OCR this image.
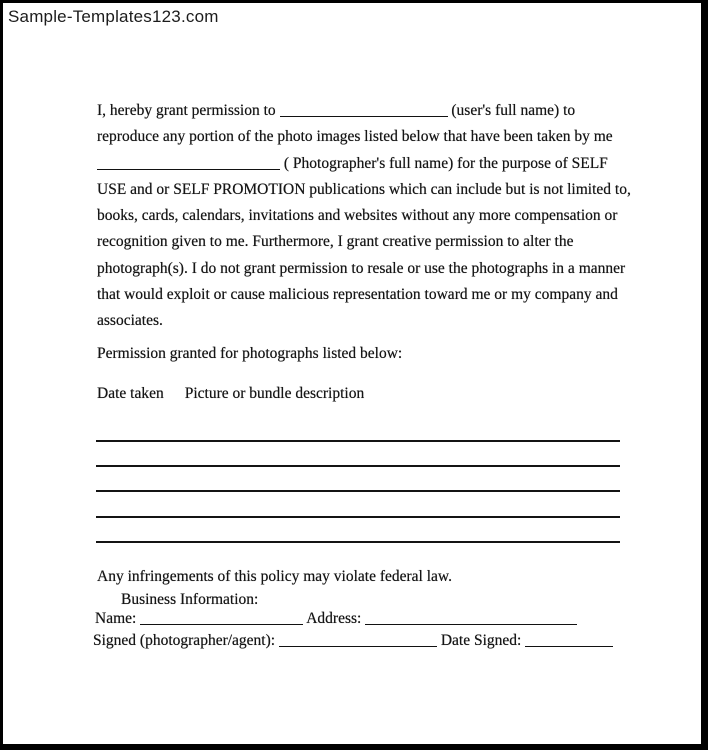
Sample-Templates123.com
I, hereby grant permission to	(user's full name) to
reproduce any portion of the photo images listed below that have been taken by me
( Photographer's full name) for the purpose of SELF
USE and or SELF PROMOTION publications which can include but is not limited to,
books, cards, calendars, invitations and websites without any more compensation or
recognition given to me. Furthermore, I grant creative permission to alter the
photograph(s). I do not grant permission to resale or use the photographs in a manner
that would exploit or cause malicious representation toward me or my company and
associates.
Permission granted for photographs listed below:
Date taken Picture or bundle description
Any infringements of this policy may violate federal law.
Business Information:
Name:	Address:
Signed (photographer/agent):	Date Signed:
